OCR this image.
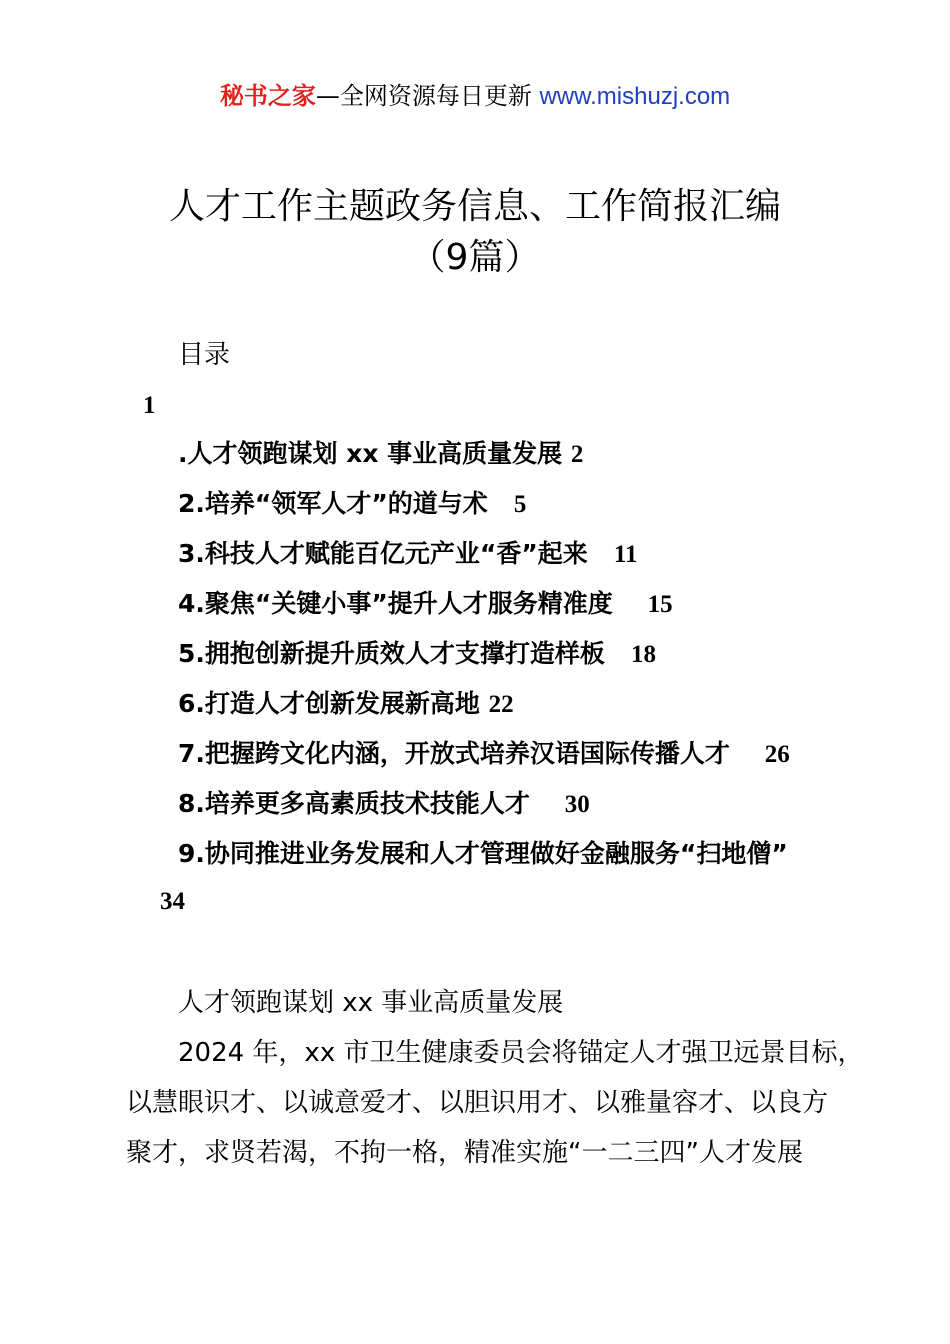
秘书之家—全网资源每日更新 www.mishuzj.com
人才工作主题政务信息、工作简报汇编
（9篇）
目录
1
.人才领跑谋划 xx 事业高质量发展 2
2.培养“领军人才”的道与术 5
3.科技人才赋能百亿元产业“香”起来 11
4.聚焦“关键小事”提升人才服务精准度 15
5.拥抱创新提升质效人才支撑打造样板 18
6.打造人才创新发展新高地 22
7.把握跨文化内涵，开放式培养汉语国际传播人才 26
8.培养更多高素质技术技能人才 30
9.协同推进业务发展和人才管理做好金融服务“扫地僧”
34
人才领跑谋划 xx 事业高质量发展
2024 年，xx 市卫生健康委员会将锚定人才强卫远景目标，
以慧眼识才、以诚意爱才、以胆识用才、以雅量容才、以良方
聚才，求贤若渴，不拘一格，精准实施“一二三四”人才发展
